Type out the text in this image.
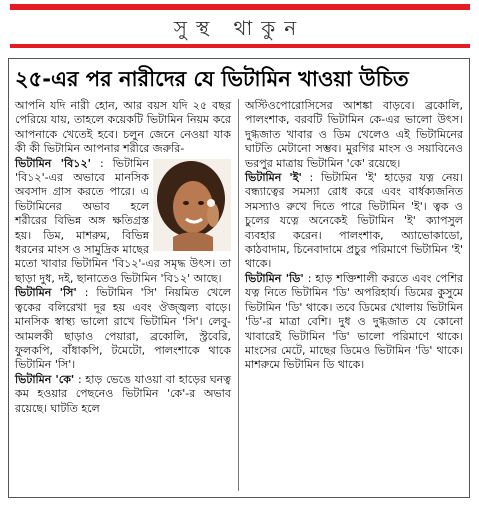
সুস্থ থাকুন
২৫-এর পর নারীদের যে ভিটামিন খাওয়া উচিত

আপনি যদি নারী হোন, আর বয়স যদি ২৫ বছর পেরিয়ে যায়, তাহলে কয়েকটি ভিটামিন নিয়ম করে আপনাকে খেতেই হবে। চলুন জেনে নেওয়া যাক কী কী ভিটামিন আপনার শরীরে জরুরি-

ভিটামিন 'বি১২' : ভিটামিন 'বি১২'-এর অভাবে মানসিক অবসাদ গ্রাস করতে পারে। এ ভিটামিনের অভাব হলে শরীরের বিভিন্ন অঙ্গ ক্ষতিগ্রস্ত হয়। ডিম, মাশরুম, বিভিন্ন ধরনের মাংস ও সামুদ্রিক মাছের মতো খাবার ভিটামিন 'বি১২'-এর সমৃদ্ধ উৎস। তা ছাড়া দুধ, দই, ছানাতেও ভিটামিন 'বি১২' আছে।

ভিটামিন 'সি' : ভিটামিন 'সি' নিয়মিত খেলে ত্বকের বলিরেখা দূর হয় এবং ঔজ্জ্বল্য বাড়ে। মানসিক স্বাস্থ্য ভালো রাখে ভিটামিন 'সি'। লেবু-আমলকী ছাড়াও পেয়ারা, ব্রকোলি, স্ট্রবেরি, ফুলকপি, বাঁধাকপি, টমেটো, পালংশাকে থাকে ভিটামিন 'সি'।

ভিটামিন 'কে' : হাড় ভেঙে যাওয়া বা হাড়ের ঘনত্ব কম হওয়ার পেছনেও ভিটামিন 'কে'-র অভাব রয়েছে। ঘাটতি হলে

অস্টিওপোরোসিসের আশঙ্কা বাড়বে। ব্রকোলি, পালংশাক, বরবটি ভিটামিন কে-এর ভালো উৎস। দুগ্ধজাত খাবার ও ডিম খেলেও এই ভিটামিনের ঘাটতি মেটানো সম্ভব। মুরগির মাংস ও সয়াবিনেও ভরপুর মাত্রায় ভিটামিন 'কে' রয়েছে।

ভিটামিন 'ই' : ভিটামিন 'ই' হাড়ের যত্ন নেয়। বন্ধ্যাত্বের সমস্যা রোধ করে এবং বার্ধক্যজনিত সমস্যাও রুখে দিতে পারে ভিটামিন 'ই'। ত্বক ও চুলের যত্নে অনেকেই ভিটামিন 'ই' ক্যাপসুল ব্যবহার করেন। পালংশাক, অ্যাভোকাডো, কাঠবাদাম, চিনেবাদামে প্রচুর পরিমাণে ভিটামিন 'ই' থাকে।

ভিটামিন 'ডি' : হাড় শক্তিশালী করতে এবং পেশির যত্ন নিতে ভিটামিন 'ডি' অপরিহার্য। ডিমের কুসুমে ভিটামিন 'ডি' থাকে। তবে ডিমের খোলায় ভিটামিন 'ডি'-র মাত্রা বেশি। দুধ ও দুগ্ধজাত যে কোনো খাবারেই ভিটামিন 'ডি' ভালো পরিমাণে থাকে। মাংসের মেটে, মাছের ডিমেও ভিটামিন 'ডি' থাকে। মাশরুমে ভিটামিন ডি থাকে।
